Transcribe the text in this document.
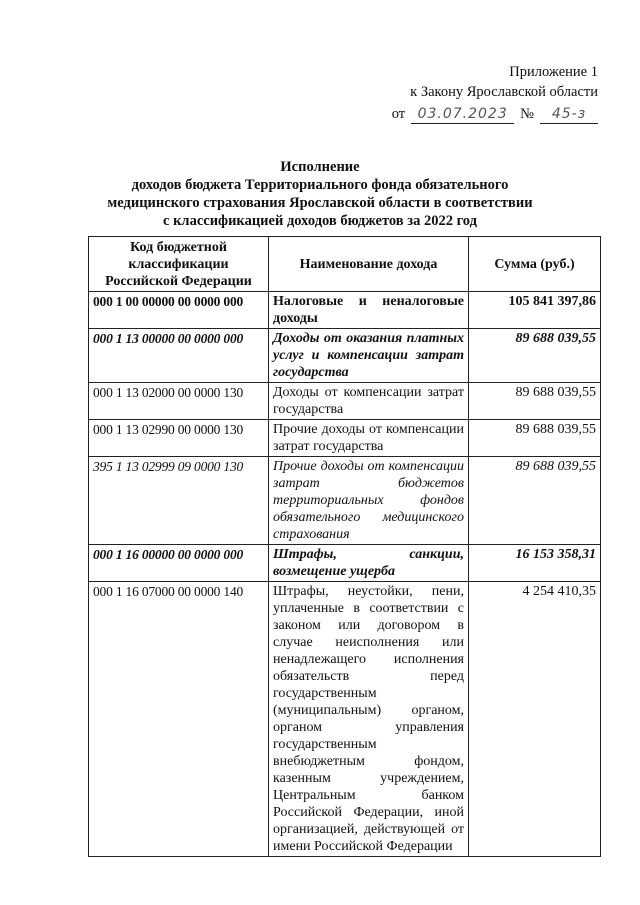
Приложение 1
к Закону Ярославской области
от 03.07.2023 №	45-з
Исполнение
доходов бюджета Территориального фонда обязательного
медицинского страхования Ярославской области в соответствии
с классификацией доходов бюджетов за 2022 год
Код бюджетной классификации Российской Федерации	Наименование дохода	Сумма (руб.)
000 1 00 00000 00 0000 000	Налоговые и неналоговые доходы	105 841 397,86
000 1 13 00000 00 0000 000	Доходы от оказания платных услуг и компенсации затрат государства	89 688 039,55
000 1 13 02000 00 0000 130	Доходы от компенсации затрат государства	89 688 039,55
000 1 13 02990 00 0000 130	Прочие доходы от компенсации затрат государства	89 688 039,55
395 1 13 02999 09 0000 130	Прочие доходы от компенсации затрат бюджетов территориальных фондов обязательного медицинского страхования	89 688 039,55
000 1 16 00000 00 0000 000	Штрафы, санкции, возмещение ущерба	16 153 358,31
000 1 16 07000 00 0000 140	Штрафы, неустойки, пени, уплаченные в соответствии с законом или договором в случае неисполнения или ненадлежащего исполнения обязательств перед государственным (муниципальным) органом, органом управления государственным внебюджетным фондом, казенным учреждением, Центральным банком Российской Федерации, иной организацией, действующей от имени Российской Федерации	4 254 410,35
